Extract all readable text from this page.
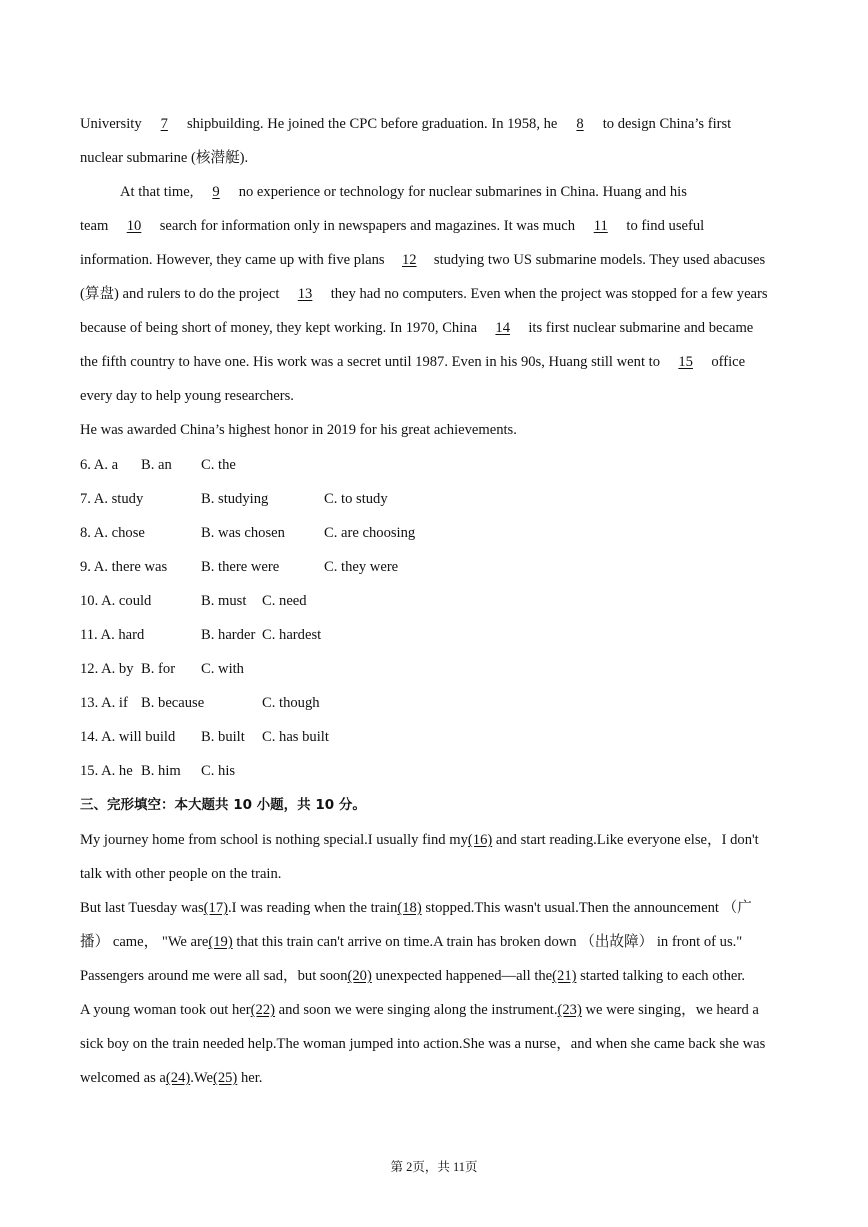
University 7 shipbuilding. He joined the CPC before graduation. In 1958, he 8 to design China’s first
nuclear submarine (核潜艇).
At that time, 9 no experience or technology for nuclear submarines in China. Huang and his
team 10 search for information only in newspapers and magazines. It was much 11 to find useful
information. However, they came up with five plans 12 studying two US submarine models. They used abacuses
(算盘) and rulers to do the project 13 they had no computers. Even when the project was stopped for a few years
because of being short of money, they kept working. In 1970, China 14 its first nuclear submarine and became
the fifth country to have one. His work was a secret until 1987. Even in his 90s, Huang still went to 15 office
every day to help young researchers.
He was awarded China’s highest honor in 2019 for his great achievements.
6. A. a B. an C. the
7. A. study	B. studying	C. to study
8. A. chose	B. was chosen	C. are choosing
9. A. there was B. there were	C. they were
10. A. could	B. must C. need
11. A. hard	B. harder C. hardest
12. A. by B. for C. with
13. A. if B. because	C. though
14. A. will build B. built C. has built
15. A. he B. him C. his
三、完形填空：本大题共 10 小题，共 10 分。
My journey home from school is nothing special.I usually find my(16) and start reading.Like everyone else，I don't
talk with other people on the train.
But last Tuesday was(17).I was reading when the train(18) stopped.This wasn't usual.Then the announcement （广
播） came， "We are(19) that this train can't arrive on time.A train has broken down （出故障） in front of us."
Passengers around me were all sad，but soon(20) unexpected happened—all the(21) started talking to each other.
A young woman took out her(22) and soon we were singing along the instrument.(23) we were singing，we heard a
sick boy on the train needed help.The woman jumped into action.She was a nurse，and when she came back she was
welcomed as a(24).We(25) her.
第 2页，共 11页
